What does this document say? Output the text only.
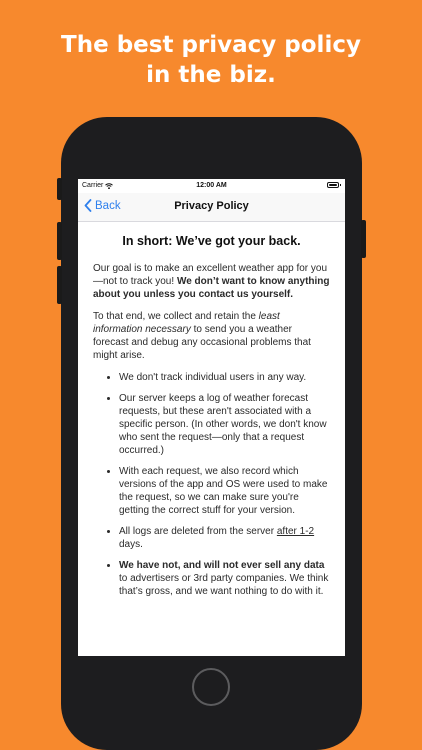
The best privacy policy
in the biz.
Carrier	12:00 AM
Back	Privacy Policy
In short: We’ve got your back.

Our goal is to make an excellent weather app for you—not to track you! We don’t want to know anything about you unless you contact us yourself.

To that end, we collect and retain the least information necessary to send you a weather forecast and debug any occasional problems that might arise.

• We don't track individual users in any way.
• Our server keeps a log of weather forecast requests, but these aren't associated with a specific person. (In other words, we don't know who sent the request—only that a request occurred.)
• With each request, we also record which versions of the app and OS were used to make the request, so we can make sure you're getting the correct stuff for your version.
• All logs are deleted from the server after 1-2 days.
• We have not, and will not ever sell any data to advertisers or 3rd party companies. We think that’s gross, and we want nothing to do with it.
